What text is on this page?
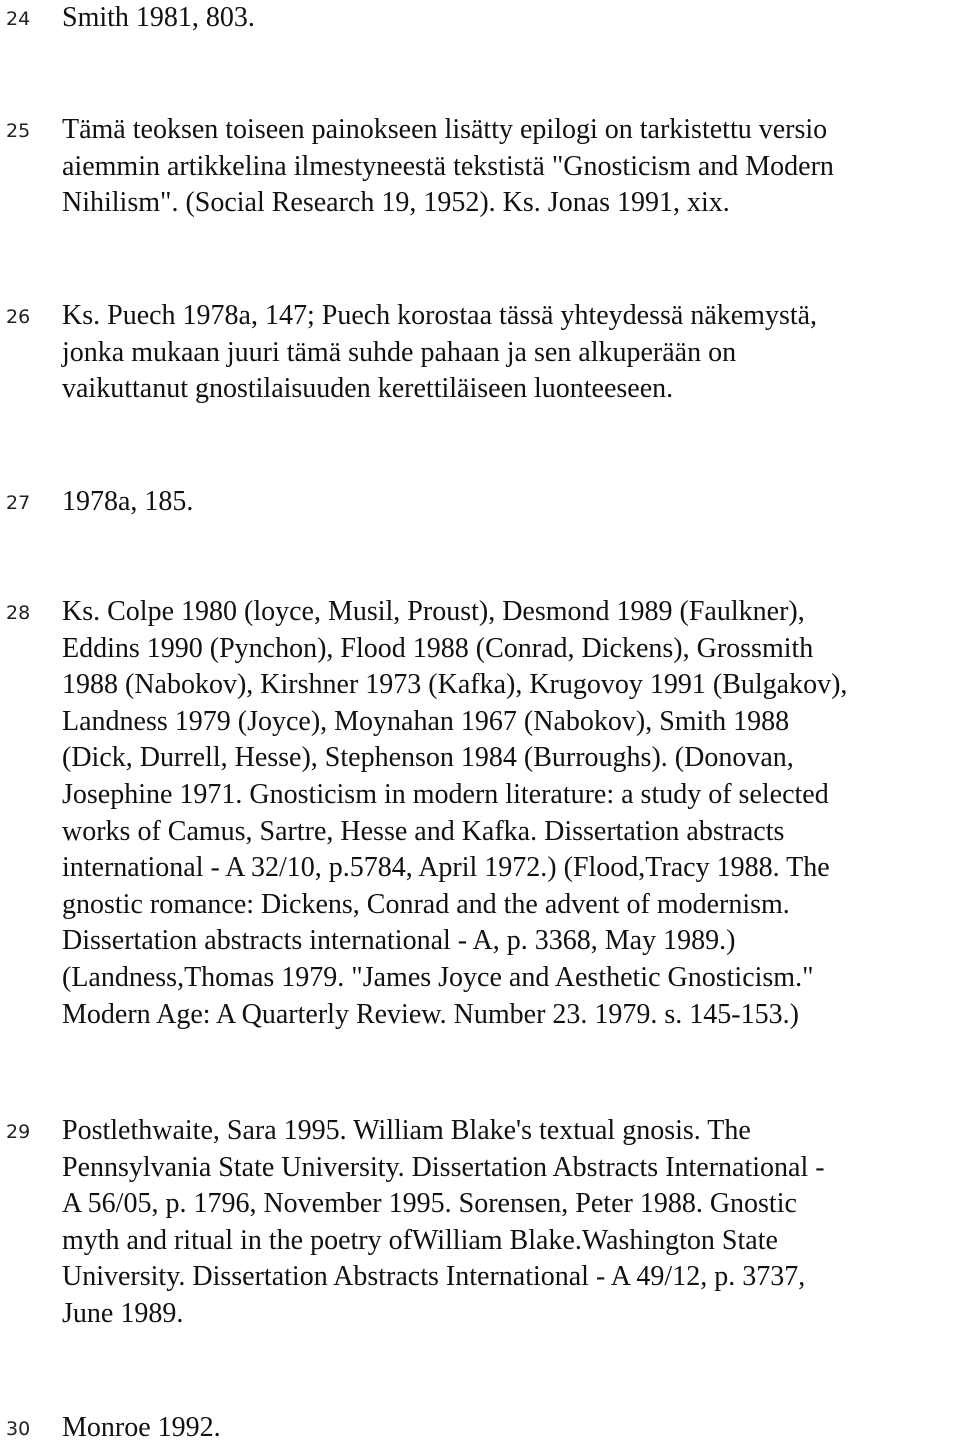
24 Smith 1981, 803.
25 Tämä teoksen toiseen painokseen lisätty epilogi on tarkistettu versio
aiemmin artikkelina ilmestyneestä tekstistä "Gnosticism and Modern
Nihilism". (Social Research 19, 1952). Ks. Jonas 1991, xix.
26 Ks. Puech 1978a, 147; Puech korostaa tässä yhteydessä näkemystä,
jonka mukaan juuri tämä suhde pahaan ja sen alkuperään on
vaikuttanut gnostilaisuuden kerettiläiseen luonteeseen.
27 1978a, 185.
28 Ks. Colpe 1980 (loyce, Musil, Proust), Desmond 1989 (Faulkner),
Eddins 1990 (Pynchon), Flood 1988 (Conrad, Dickens), Grossmith
1988 (Nabokov), Kirshner 1973 (Kafka), Krugovoy 1991 (Bulgakov),
Landness 1979 (Joyce), Moynahan 1967 (Nabokov), Smith 1988
(Dick, Durrell, Hesse), Stephenson 1984 (Burroughs). (Donovan,
Josephine 1971. Gnosticism in modern literature: a study of selected
works of Camus, Sartre, Hesse and Kafka. Dissertation abstracts
international - A 32/10, p.5784, April 1972.) (Flood,Tracy 1988. The
gnostic romance: Dickens, Conrad and the advent of modernism.
Dissertation abstracts international - A, p. 3368, May 1989.)
(Landness,Thomas 1979. "James Joyce and Aesthetic Gnosticism."
Modern Age: A Quarterly Review. Number 23. 1979. s. 145-153.)
29 Postlethwaite, Sara 1995. William Blake's textual gnosis. The
Pennsylvania State University. Dissertation Abstracts International -
A 56/05, p. 1796, November 1995. Sorensen, Peter 1988. Gnostic
myth and ritual in the poetry ofWilliam Blake.Washington State
University. Dissertation Abstracts International - A 49/12, p. 3737,
June 1989.
30 Monroe 1992.
